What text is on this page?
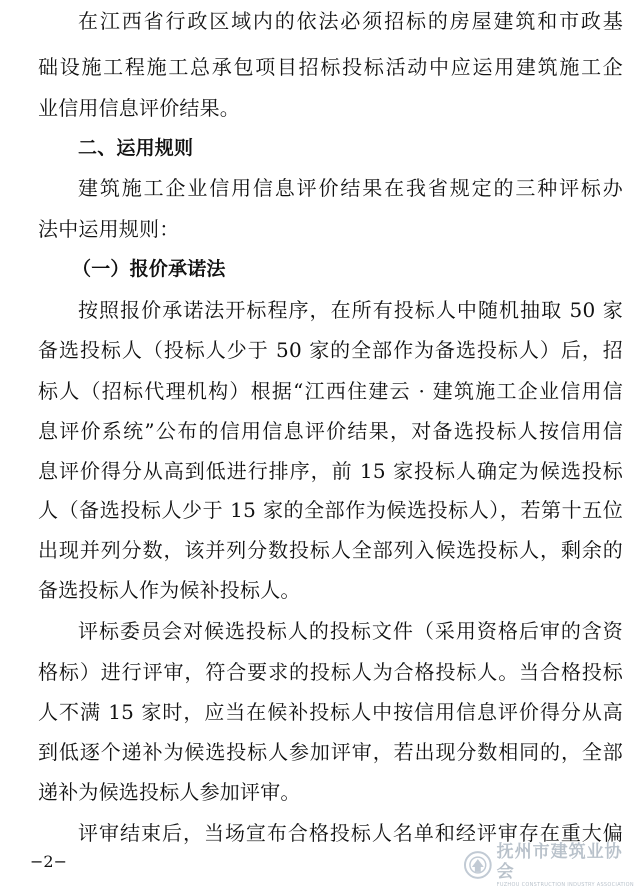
在江西省行政区域内的依法必须招标的房屋建筑和市政基
础设施工程施工总承包项目招标投标活动中应运用建筑施工企
业信用信息评价结果。
二、运用规则
建筑施工企业信用信息评价结果在我省规定的三种评标办
法中运用规则：
（一）报价承诺法
按照报价承诺法开标程序，在所有投标人中随机抽取 50 家
备选投标人（投标人少于 50 家的全部作为备选投标人）后，招
标人（招标代理机构）根据“江西住建云 · 建筑施工企业信用信
息评价系统”公布的信用信息评价结果，对备选投标人按信用信
息评价得分从高到低进行排序，前 15 家投标人确定为候选投标
人（备选投标人少于 15 家的全部作为候选投标人），若第十五位
出现并列分数，该并列分数投标人全部列入候选投标人，剩余的
备选投标人作为候补投标人。
评标委员会对候选投标人的投标文件（采用资格后审的含资
格标）进行评审，符合要求的投标人为合格投标人。当合格投标
人不满 15 家时，应当在候补投标人中按信用信息评价得分从高
到低逐个递补为候选投标人参加评审，若出现分数相同的，全部
递补为候选投标人参加评审。
评审结束后，当场宣布合格投标人名单和经评审存在重大偏
−2−	抚州市建筑业协会
FUZHOU CONSTRUCTION INDUSTRY ASSOCIATION
